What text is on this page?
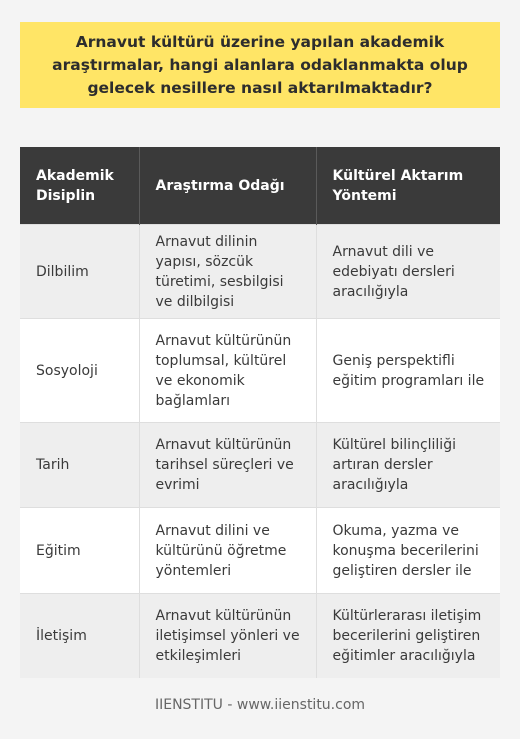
Arnavut kültürü üzerine yapılan akademik araştırmalar, hangi alanlara odaklanmakta olup gelecek nesillere nasıl aktarılmaktadır?
Akademik Disiplin	Araştırma Odağı	Kültürel Aktarım Yöntemi
Dilbilim	Arnavut dilinin yapısı, sözcük türetimi, sesbilgisi ve dilbilgisi	Arnavut dili ve edebiyatı dersleri aracılığıyla
Sosyoloji	Arnavut kültürünün toplumsal, kültürel ve ekonomik bağlamları	Geniş perspektifli eğitim programları ile
Tarih	Arnavut kültürünün tarihsel süreçleri ve evrimi	Kültürel bilinçliliği artıran dersler aracılığıyla
Eğitim	Arnavut dilini ve kültürünü öğretme yöntemleri	Okuma, yazma ve konuşma becerilerini geliştiren dersler ile
İletişim	Arnavut kültürünün iletişimsel yönleri ve etkileşimleri	Kültürlerarası iletişim becerilerini geliştiren eğitimler aracılığıyla
IIENSTITU - www.iienstitu.com
